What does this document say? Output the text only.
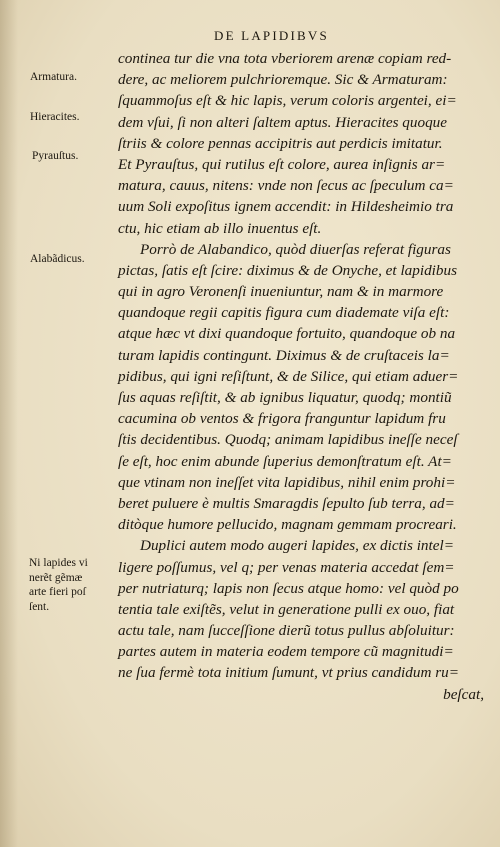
DE LAPIDIBVS
Armatura.
Hieracites.
Pyrauſtus.
Alabãdicus.
Ni lapides vi
nerẽt gẽmæ
arte fieri poſ
ſent.
continea tur die vna tota vberiorem arenæ copiam red-
dere, ac meliorem pulchrioremque. Sic & Armaturam:
ſquammoſus eſt & hic lapis, verum coloris argentei, ei=
dem vſui, ſi non alteri ſaltem aptus. Hieracites quoque
ſtriis & colore pennas accipitris aut perdicis imitatur.
Et Pyrauſtus, qui rutilus eſt colore, aurea inſignis ar=
matura, cauus, nitens: vnde non ſecus ac ſpeculum ca=
uum Soli expoſitus ignem accendit: in Hildesheimio tra
ctu, hic etiam ab illo inuentus eſt.
Porrò de Alabandico, quòd diuerſas referat figuras
pictas, ſatis eſt ſcire: diximus & de Onyche, et lapidibus
qui in agro Veronenſi inueniuntur, nam & in marmore
quandoque regii capitis figura cum diademate viſa eſt:
atque hæc vt dixi quandoque fortuito, quandoque ob na
turam lapidis contingunt. Diximus & de cruſtaceis la=
pidibus, qui igni reſiſtunt, & de Silice, qui etiam aduer=
ſus aquas reſiſtit, & ab ignibus liquatur, quodq; montiũ
cacumina ob ventos & frigora franguntur lapidum fru
ſtis decidentibus. Quodq; animam lapidibus ineſſe neceſ
ſe eſt, hoc enim abunde ſuperius demonſtratum eſt. At=
que vtinam non ineſſet vita lapidibus, nihil enim prohi=
beret puluere è multis Smaragdis ſepulto ſub terra, ad=
ditòque humore pellucido, magnam gemmam procreari.
Duplici autem modo augeri lapides, ex dictis intel=
ligere poſſumus, vel q; per venas materia accedat ſem=
per nutriaturq; lapis non ſecus atque homo: vel quòd po
tentia tale exiſtẽs, velut in generatione pulli ex ouo, fiat
actu tale, nam ſucceſſione dierũ totus pullus abſoluitur:
partes autem in materia eodem tempore cũ magnitudi=
ne ſua fermè tota initium ſumunt, vt prius candidum ru=
beſcat,
